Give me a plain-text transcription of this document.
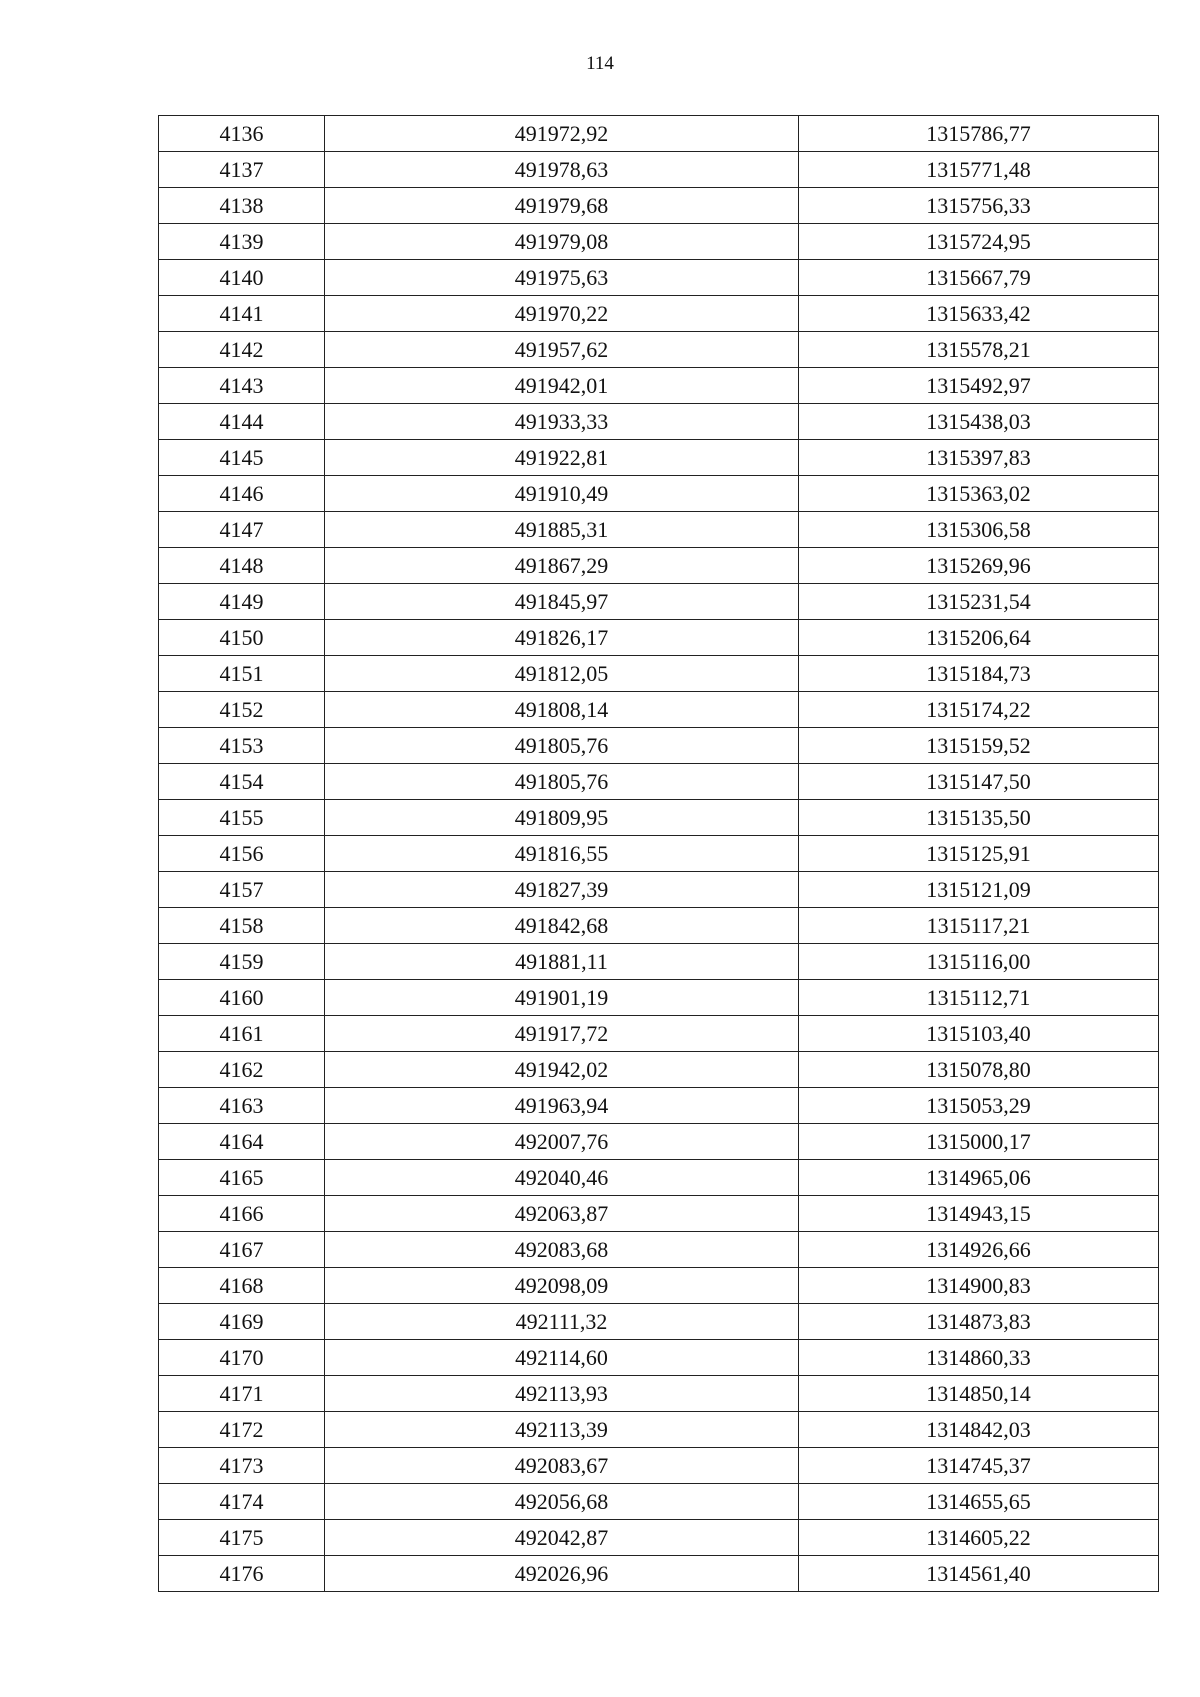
114
4136	491972,92	1315786,77
4137	491978,63	1315771,48
4138	491979,68	1315756,33
4139	491979,08	1315724,95
4140	491975,63	1315667,79
4141	491970,22	1315633,42
4142	491957,62	1315578,21
4143	491942,01	1315492,97
4144	491933,33	1315438,03
4145	491922,81	1315397,83
4146	491910,49	1315363,02
4147	491885,31	1315306,58
4148	491867,29	1315269,96
4149	491845,97	1315231,54
4150	491826,17	1315206,64
4151	491812,05	1315184,73
4152	491808,14	1315174,22
4153	491805,76	1315159,52
4154	491805,76	1315147,50
4155	491809,95	1315135,50
4156	491816,55	1315125,91
4157	491827,39	1315121,09
4158	491842,68	1315117,21
4159	491881,11	1315116,00
4160	491901,19	1315112,71
4161	491917,72	1315103,40
4162	491942,02	1315078,80
4163	491963,94	1315053,29
4164	492007,76	1315000,17
4165	492040,46	1314965,06
4166	492063,87	1314943,15
4167	492083,68	1314926,66
4168	492098,09	1314900,83
4169	492111,32	1314873,83
4170	492114,60	1314860,33
4171	492113,93	1314850,14
4172	492113,39	1314842,03
4173	492083,67	1314745,37
4174	492056,68	1314655,65
4175	492042,87	1314605,22
4176	492026,96	1314561,40
